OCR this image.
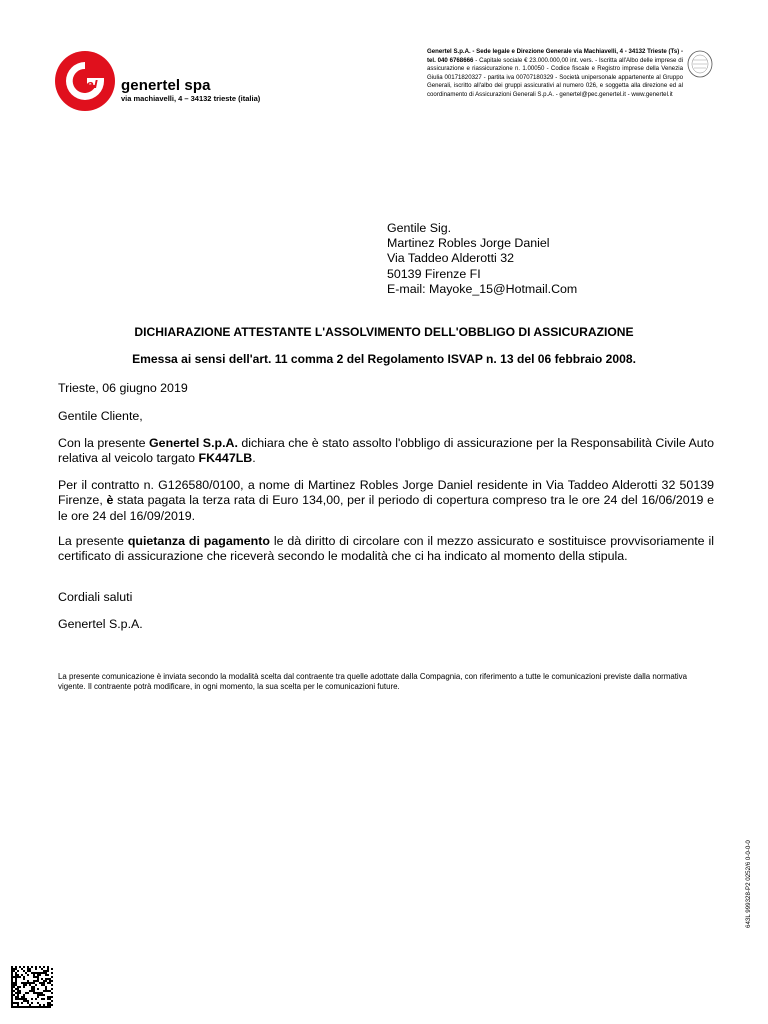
tel genertel spa
via machiavelli, 4 – 34132 trieste (italia)
Genertel S.p.A. - Sede legale e Direzione Generale via Machiavelli, 4 - 34132 Trieste (Ts) - tel. 040 6768666 - Capitale sociale € 23.000.000,00 int. vers. - Iscritta all'Albo delle imprese di assicurazione e riassicurazione n. 1.00050 - Codice fiscale e Registro imprese della Venezia Giulia 00171820327 - partita iva 00707180329 - Società unipersonale appartenente al Gruppo Generali, iscritto all'albo dei gruppi assicurativi al numero 026, e soggetta alla direzione ed al coordinamento di Assicurazioni Generali S.p.A. - genertel@pec.genertel.it - www.genertel.it
Gentile Sig.
Martinez Robles Jorge Daniel
Via Taddeo Alderotti 32
50139 Firenze FI
E-mail: Mayoke_15@Hotmail.Com
DICHIARAZIONE ATTESTANTE L'ASSOLVIMENTO DELL'OBBLIGO DI ASSICURAZIONE
Emessa ai sensi dell'art. 11 comma 2 del Regolamento ISVAP n. 13 del 06 febbraio 2008.
Trieste, 06 giugno 2019
Gentile Cliente,
Con la presente Genertel S.p.A. dichiara che è stato assolto l'obbligo di assicurazione per la Responsabilità Civile Auto relativa al veicolo targato FK447LB.
Per il contratto n. G126580/0100, a nome di Martinez Robles Jorge Daniel residente in Via Taddeo Alderotti 32 50139 Firenze, è stata pagata la terza rata di Euro 134,00, per il periodo di copertura compreso tra le ore 24 del 16/06/2019 e le ore 24 del 16/09/2019.
La presente quietanza di pagamento le dà diritto di circolare con il mezzo assicurato e sostituisce provvisoriamente il certificato di assicurazione che riceverà secondo le modalità che ci ha indicato al momento della stipula.
Cordiali saluti
Genertel S.p.A.
La presente comunicazione è inviata secondo la modalità scelta dal contraente tra quelle adottate dalla Compagnia, con riferimento a tutte le comunicazioni previste dalla normativa vigente. Il contraente potrà modificare, in ogni momento, la sua scelta per le comunicazioni future.
643L 999328-P2 0252/6 0-0-0-0
